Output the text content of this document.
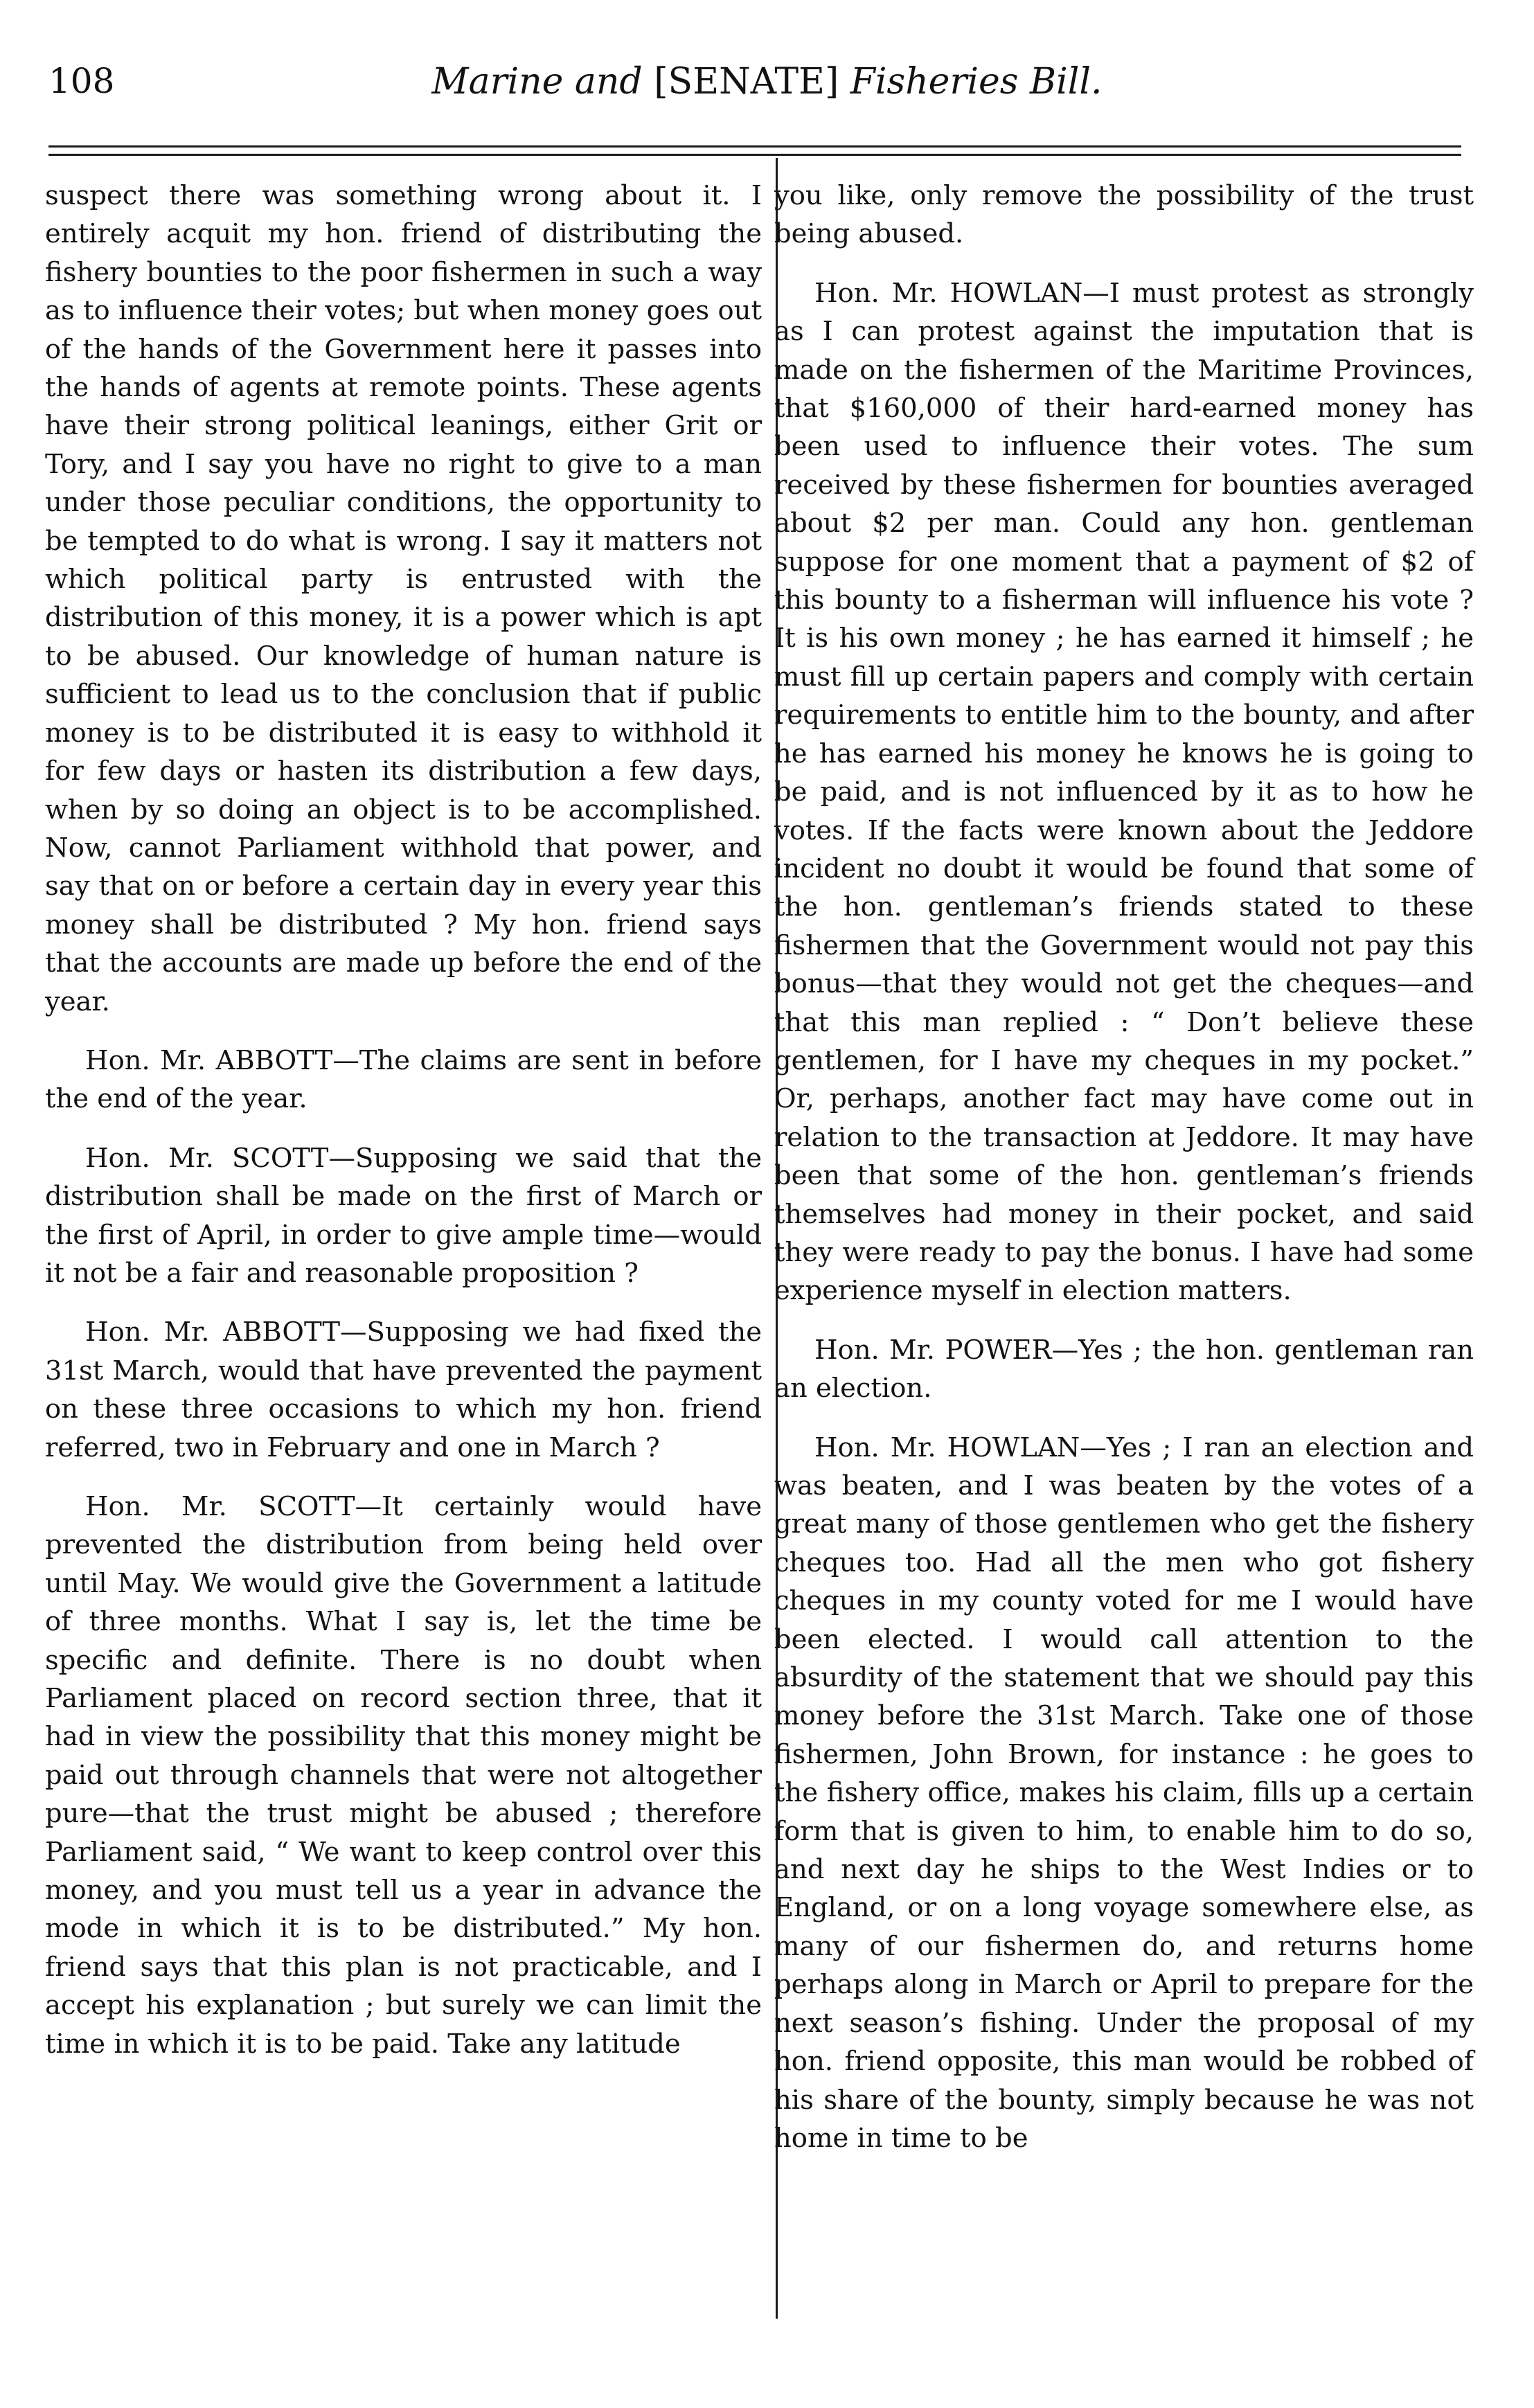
108	Marine and [SENATE] Fisheries Bill.

suspect there was something wrong about it. I entirely acquit my hon. friend of distributing the fishery bounties to the poor fishermen in such a way as to influence their votes; but when money goes out of the hands of the Government here it passes into the hands of agents at remote points. These agents have their strong political leanings, either Grit or Tory, and I say you have no right to give to a man under those peculiar conditions, the opportunity to be tempted to do what is wrong. I say it matters not which political party is entrusted with the distribution of this money, it is a power which is apt to be abused. Our knowledge of human nature is sufficient to lead us to the conclusion that if public money is to be distributed it is easy to withhold it for few days or hasten its distribution a few days, when by so doing an object is to be accomplished. Now, cannot Parliament withhold that power, and say that on or before a certain day in every year this money shall be distributed ? My hon. friend says that the accounts are made up before the end of the year.

Hon. Mr. ABBOTT—The claims are sent in before the end of the year.

Hon. Mr. SCOTT—Supposing we said that the distribution shall be made on the first of March or the first of April, in order to give ample time—would it not be a fair and reasonable proposition ?

Hon. Mr. ABBOTT—Supposing we had fixed the 31st March, would that have prevented the payment on these three occasions to which my hon. friend referred, two in February and one in March ?

Hon. Mr. SCOTT—It certainly would have prevented the distribution from being held over until May. We would give the Government a latitude of three months. What I say is, let the time be specific and definite. There is no doubt when Parliament placed on record section three, that it had in view the possibility that this money might be paid out through channels that were not altogether pure—that the trust might be abused ; therefore Parliament said, “ We want to keep control over this money, and you must tell us a year in advance the mode in which it is to be distributed.” My hon. friend says that this plan is not practicable, and I accept his explanation ; but surely we can limit the time in which it is to be paid. Take any latitude

you like, only remove the possibility of the trust being abused.

Hon. Mr. HOWLAN—I must protest as strongly as I can protest against the imputation that is made on the fishermen of the Maritime Provinces, that $160,000 of their hard-earned money has been used to influence their votes. The sum received by these fishermen for bounties averaged about $2 per man. Could any hon. gentleman suppose for one moment that a payment of $2 of this bounty to a fisherman will influence his vote ? It is his own money ; he has earned it himself ; he must fill up certain papers and comply with certain requirements to entitle him to the bounty, and after he has earned his money he knows he is going to be paid, and is not influenced by it as to how he votes. If the facts were known about the Jeddore incident no doubt it would be found that some of the hon. gentleman’s friends stated to these fishermen that the Government would not pay this bonus—that they would not get the cheques—and that this man replied : “ Don’t believe these gentlemen, for I have my cheques in my pocket.” Or, perhaps, another fact may have come out in relation to the transaction at Jeddore. It may have been that some of the hon. gentleman’s friends themselves had money in their pocket, and said they were ready to pay the bonus. I have had some experience myself in election matters.

Hon. Mr. POWER—Yes ; the hon. gentleman ran an election.

Hon. Mr. HOWLAN—Yes ; I ran an election and was beaten, and I was beaten by the votes of a great many of those gentlemen who get the fishery cheques too. Had all the men who got fishery cheques in my county voted for me I would have been elected. I would call attention to the absurdity of the statement that we should pay this money before the 31st March. Take one of those fishermen, John Brown, for instance : he goes to the fishery office, makes his claim, fills up a certain form that is given to him, to enable him to do so, and next day he ships to the West Indies or to England, or on a long voyage somewhere else, as many of our fishermen do, and returns home perhaps along in March or April to prepare for the next season’s fishing. Under the proposal of my hon. friend opposite, this man would be robbed of his share of the bounty, simply because he was not home in time to be
